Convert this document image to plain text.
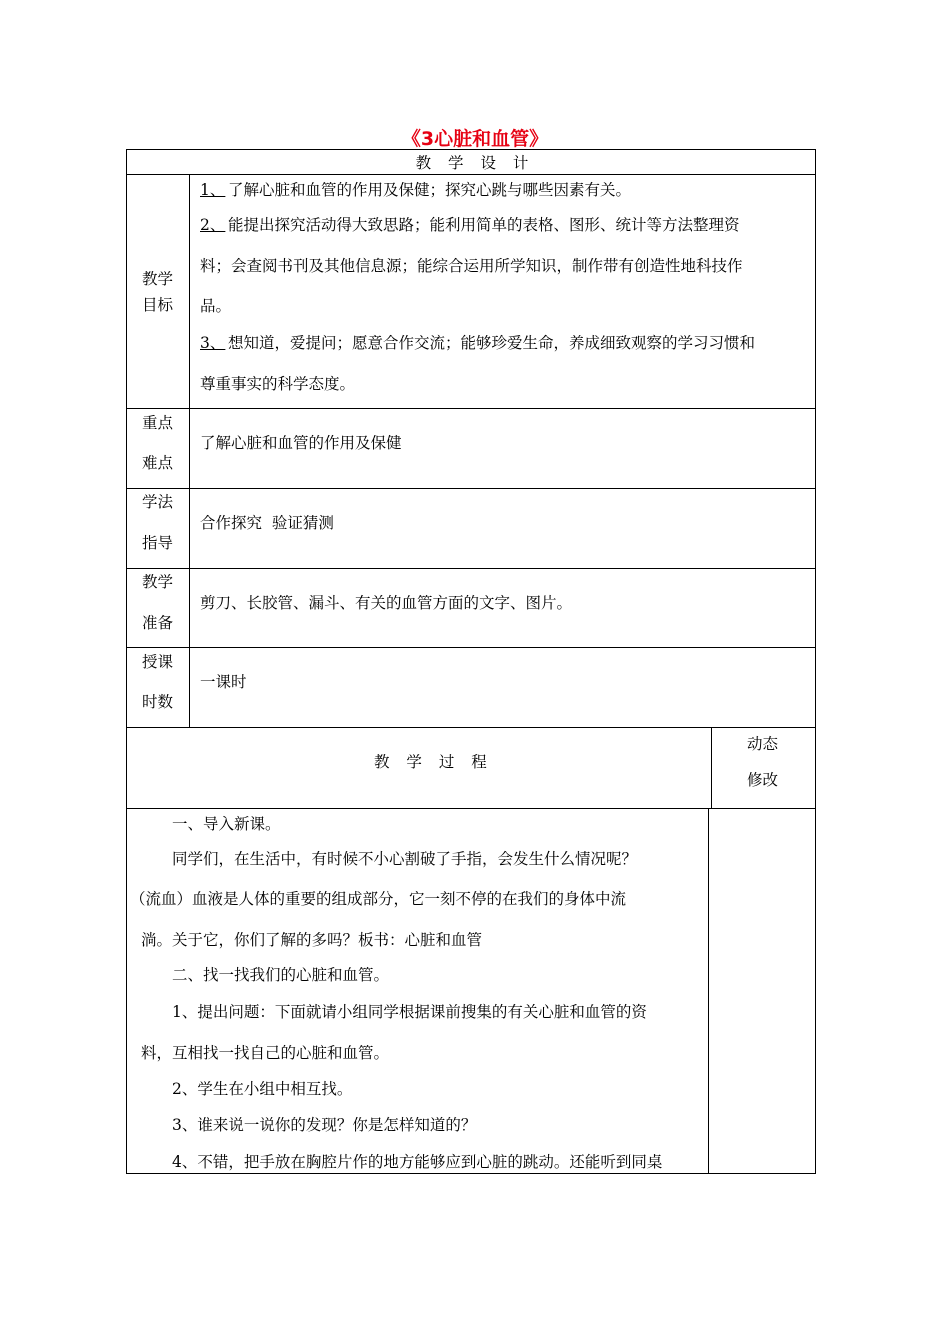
《3心脏和血管》
教 学 设 计
教学
目标
1、 了解心脏和血管的作用及保健；探究心跳与哪些因素有关。
2、 能提出探究活动得大致思路；能利用简单的表格、图形、统计等方法整理资
料；会查阅书刊及其他信息源；能综合运用所学知识，制作带有创造性地科技作
品。
3、 想知道，爱提问；愿意合作交流；能够珍爱生命，养成细致观察的学习习惯和
尊重事实的科学态度。
重点
难点
了解心脏和血管的作用及保健
学法
指导
合作探究  验证猜测
教学
准备
剪刀、长胶管、漏斗、有关的血管方面的文字、图片。
授课
时数
一课时
教 学 过 程
动态
修改
一、导入新课。
同学们，在生活中，有时候不小心割破了手指，会发生什么情况呢？
（流血）血液是人体的重要的组成部分，它一刻不停的在我们的身体中流
淌。关于它，你们了解的多吗？板书：心脏和血管
二、找一找我们的心脏和血管。
1、提出问题：下面就请小组同学根据课前搜集的有关心脏和血管的资
料，互相找一找自己的心脏和血管。
2、学生在小组中相互找。
3、谁来说一说你的发现？你是怎样知道的？
4、不错，把手放在胸腔片作的地方能够应到心脏的跳动。还能听到同桌
